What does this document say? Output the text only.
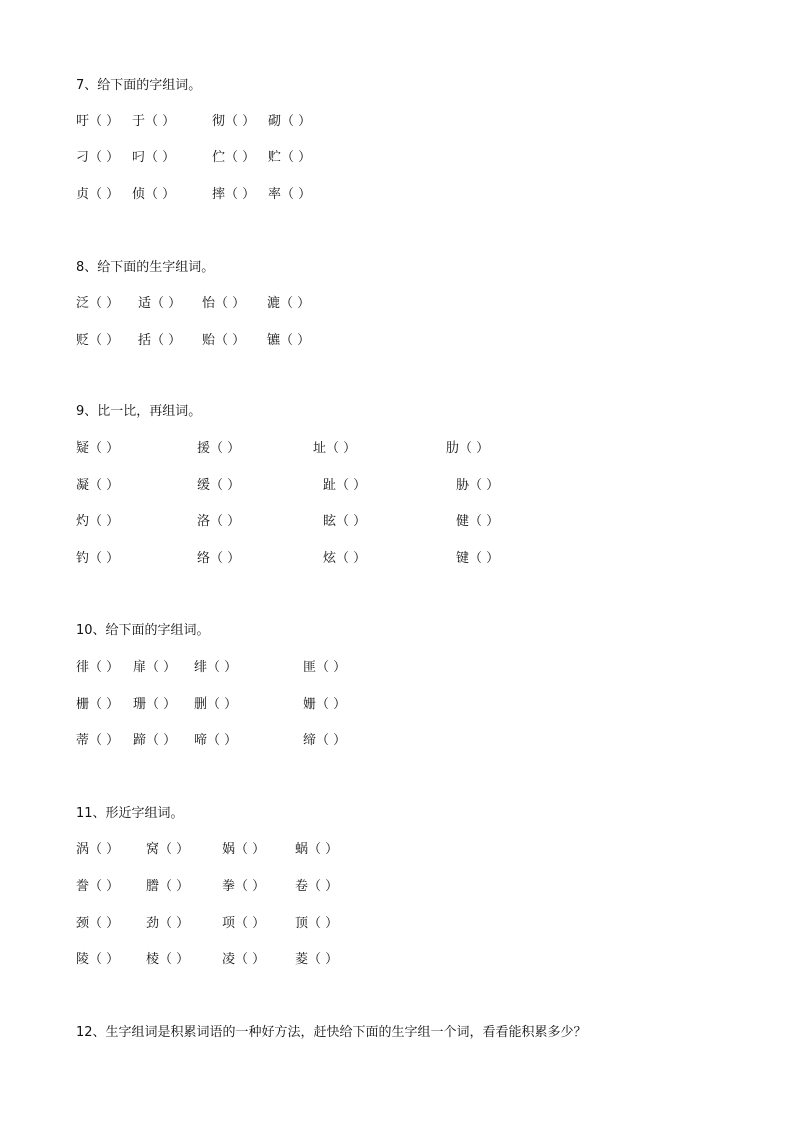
7、给下面的字组词。
吁（ ） 于（ ）	彻（ ） 砌（ ）
刁（ ） 叼（ ）	伫（ ） 贮（ ）
贞（ ） 侦（ ）	摔（ ） 率（ ）
8、给下面的生字组词。
泛（ ） 适（ ） 怡（ ） 漉（ ）
贬（ ） 括（ ） 贻（ ） 镳（ ）
9、比一比，再组词。
疑（ ）	援（ ）	址（ ）	肋（ ）
凝（ ）	缓（ ）	趾（ ）	胁（ ）
灼（ ）	洛（ ）	眩（ ）	健（ ）
钓（ ）	络（ ）	炫（ ）	键（ ）
10、给下面的字组词。
徘（ ） 扉（ ） 绯（ ）	匪（ ）
栅（ ） 珊（ ） 删（ ）	姗（ ）
蒂（ ） 蹄（ ） 啼（ ）	缔（ ）
11、形近字组词。
涡（ ） 窝（ ）	娲（ ） 蜗（ ）
誊（ ） 謄（ ）	拳（ ） 卷（ ）
颈（ ） 劲（ ）	项（ ） 顶（ ）
陵（ ） 棱（ ）	凌（ ） 菱（ ）
12、生字组词是积累词语的一种好方法，赶快给下面的生字组一个词，看看能积累多少？
